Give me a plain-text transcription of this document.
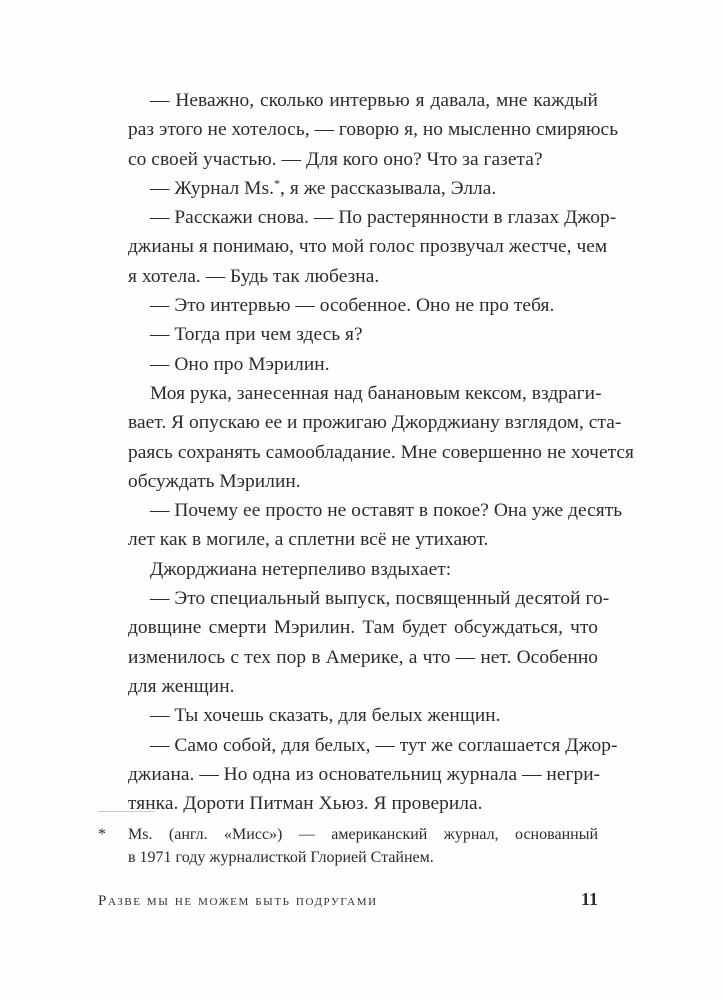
— Неважно, сколько интервью я давала, мне каждый
раз этого не хотелось, — говорю я, но мысленно смиряюсь
со своей участью. — Для кого оно? Что за газета?
— Журнал Ms.*, я же рассказывала, Элла.
— Расскажи снова. — По растерянности в глазах Джор-
джианы я понимаю, что мой голос прозвучал жестче, чем
я хотела. — Будь так любезна.
— Это интервью — особенное. Оно не про тебя.
— Тогда при чем здесь я?
— Оно про Мэрилин.
Моя рука, занесенная над банановым кексом, вздраги-
вает. Я опускаю ее и прожигаю Джорджиану взглядом, ста-
раясь сохранять самообладание. Мне совершенно не хочется
обсуждать Мэрилин.
— Почему ее просто не оставят в покое? Она уже десять
лет как в могиле, а сплетни всё не утихают.
Джорджиана нетерпеливо вздыхает:
— Это специальный выпуск, посвященный десятой го-
довщине смерти Мэрилин. Там будет обсуждаться, что
изменилось с тех пор в Америке, а что — нет. Особенно
для женщин.
— Ты хочешь сказать, для белых женщин.
— Само собой, для белых, — тут же соглашается Джор-
джиана. — Но одна из основательниц журнала — негри-
тянка. Дороти Питман Хьюз. Я проверила.
* Ms. (англ. «Мисс») — американский журнал, основанный
в 1971 году журналисткой Глорией Стайнем.
Разве мы не можем быть подругами	11
